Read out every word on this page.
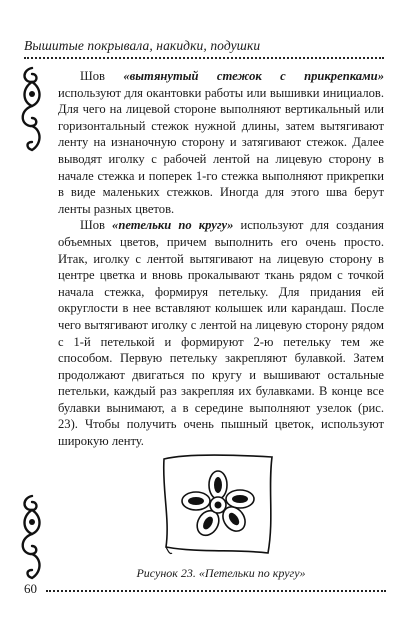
Вышитые покрывала, накидки, подушки

Шов «вытянутый стежок с прикрепками» используют для окантовки работы или вышивки инициалов. Для чего на лицевой стороне выполняют вертикальный или горизонтальный стежок нужной длины, затем вытягивают ленту на изнаночную сторону и затягивают стежок. Далее выводят иголку с рабочей лентой на лицевую сторону в начале стежка и поперек 1-го стежка выполняют прикрепки в виде маленьких стежков. Иногда для этого шва берут ленты разных цветов.

Шов «петельки по кругу» используют для создания объемных цветов, причем выполнить его очень просто. Итак, иголку с лентой вытягивают на лицевую сторону в центре цветка и вновь прокалывают ткань рядом с точкой начала стежка, формируя петельку. Для придания ей округлости в нее вставляют колышек или карандаш. После чего вытягивают иголку с лентой на лицевую сторону рядом с 1-й петелькой и формируют 2-ю петельку тем же способом. Первую петельку закрепляют булавкой. Затем продолжают двигаться по кругу и вышивают остальные петельки, каждый раз закрепляя их булавками. В конце все булавки вынимают, а в середине выполняют узелок (рис. 23). Чтобы получить очень пышный цветок, используют широкую ленту.

Рисунок 23. «Петельки по кругу»
60
